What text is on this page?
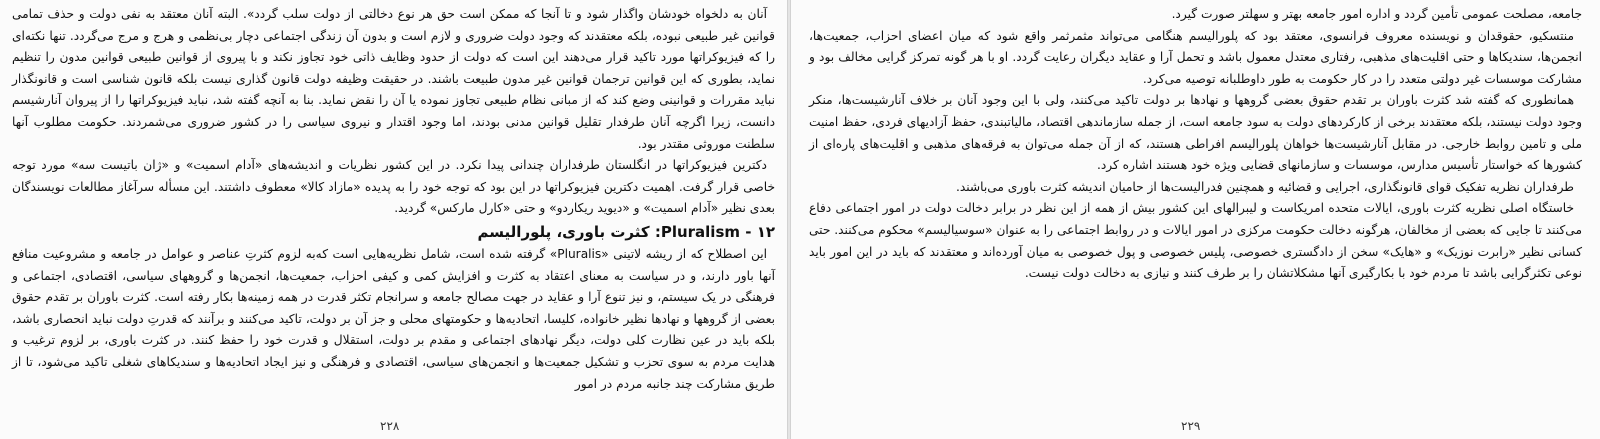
آنان به دلخواه خودشان واگذار شود و تا آنجا که ممکن است حق هر نوع دخالتی از دولت سلب گردد». البته آنان معتقد به نفی دولت و حذف تمامی قوانین غیر طبیعی نبوده، بلکه معتقدند که وجود دولت ضروری و لازم است و بدون آن زندگی اجتماعی دچار بی‌نظمی و هرج و مرج می‌گردد. تنها نکته‌ای را که فیزیوکراتها مورد تاکید قرار می‌دهند این است که دولت از حدود وظایف ذاتی خود تجاوز نکند و با پیروی از قوانین طبیعی قوانین مدون را تنظیم نماید، بطوری که این قوانین ترجمان قوانین غیر مدون طبیعت باشند. در حقیقت وظیفه دولت قانون گذاری نیست بلکه قانون شناسی است و قانونگذار نباید مقررات و قوانینی وضع کند که از مبانی نظام طبیعی تجاوز نموده یا آن را نقض نماید. بنا به آنچه گفته شد، نباید فیزیوکراتها را از پیروان آنارشیسم دانست، زیرا اگرچه آنان طرفدار تقلیل قوانین مدنی بودند، اما وجود اقتدار و نیروی سیاسی را در کشور ضروری می‌شمردند. حکومت مطلوب آنها سلطنت موروثی مقتدر بود.

دکترین فیزیوکراتها در انگلستان طرفداران چندانی پیدا نکرد. در این کشور نظریات و اندیشه‌های «آدام اسمیت» و «ژان باتیست سه» مورد توجه خاصی قرار گرفت. اهمیت دکترین فیزیوکراتها در این بود که توجه خود را به پدیده «مازاد کالا» معطوف داشتند. این مسأله سرآغاز مطالعات نویسندگان بعدی نظیر «آدام اسمیت» و «دیوید ریکاردو» و حتی «کارل مارکس» گردید.

۱۲ - Pluralism: کثرت باوری، پلورالیسم

این اصطلاح که از ریشه لاتینی «Pluralis» گرفته شده است، شامل نظریه‌هایی است که‌به لزوم کثرتِ عناصر و عوامل در جامعه و مشروعیت منافع آنها باور دارند، و در سیاست به معنای اعتقاد به کثرت و افزایش کمی و کیفی احزاب، جمعیت‌ها، انجمن‌ها و گروههای سیاسی، اقتصادی، اجتماعی و فرهنگی در یک سیستم، و نیز تنوع آرا و عقاید در جهت مصالح جامعه و سرانجام تکثر قدرت در همه زمینه‌ها بکار رفته است. کثرت باوران بر تقدم حقوق بعضی از گروهها و نهادها نظیر خانواده، کلیسا، اتحادیه‌ها و حکومتهای محلی و جز آن بر دولت، تاکید می‌کنند و برآنند که قدرتِ دولت نباید انحصاری باشد، بلکه باید در عین نظارت کلی دولت، دیگر نهادهای اجتماعی و مقدم بر دولت، استقلال و قدرت خود را حفظ کنند. در کثرت باوری، بر لزوم ترغیب و هدایت مردم به سوی تحزب و تشکیل جمعیت‌ها و انجمن‌های سیاسی، اقتصادی و فرهنگی و نیز ایجاد اتحادیه‌ها و سندیکاهای شغلی تاکید می‌شود، تا از طریق مشارکت چند جانبه مردم در امور

۲۲۸

جامعه، مصلحت عمومی تأمین گردد و اداره امور جامعه بهتر و سهلتر صورت گیرد.

منتسکیو، حقوقدان و نویسنده معروف فرانسوی، معتقد بود که پلورالیسم هنگامی می‌تواند مثمرثمر واقع شود که میان اعضای احزاب، جمعیت‌ها، انجمن‌ها، سندیکاها و حتی اقلیت‌های مذهبی، رفتاری معتدل معمول باشد و تحمل آرا و عقاید دیگران رعایت گردد. او با هر گونه تمرکز گرایی مخالف بود و مشارکت موسسات غیر دولتی متعدد را در کار حکومت به طور داوطلبانه توصیه می‌کرد.

همانطوری که گفته شد کثرت باوران بر تقدم حقوق بعضی گروهها و نهادها بر دولت تاکید می‌کنند، ولی با این وجود آنان بر خلاف آنارشیست‌ها، منکر وجود دولت نیستند، بلکه معتقدند برخی از کارکردهای دولت به سود جامعه است، از جمله سازماندهی اقتصاد، مالیاتبندی، حفظ آزادیهای فردی، حفظ امنیت ملی و تامین روابط خارجی. در مقابل آنارشیست‌ها خواهان پلورالیسم افراطی هستند، که از آن جمله می‌توان به فرقه‌های مذهبی و اقلیت‌های پاره‌ای از کشورها که خواستار تأسیس مدارس، موسسات و سازمانهای قضایی ویژه خود هستند اشاره کرد.

طرفداران نظریه تفکیک قوای قانونگذاری، اجرایی و قضائیه و همچنین فدرالیست‌ها از حامیان اندیشه کثرت باوری می‌باشند.

خاستگاه اصلی نظریه کثرت باوری، ایالات متحده امریکاست و لیبرالهای این کشور بیش از همه از این نظر در برابر دخالت دولت در امور اجتماعی دفاع می‌کنند تا جایی که بعضی از مخالفان، هرگونه دخالت حکومت مرکزی در امور ایالات و در روابط اجتماعی را به عنوان «سوسیالیسم» محکوم می‌کنند. حتی کسانی نظیر «رابرت نوزیک» و «هایک» سخن از دادگستری خصوصی، پلیس خصوصی و پول خصوصی به میان آورده‌اند و معتقدند که باید در این امور باید نوعی تکثرگرایی باشد تا مردم خود با بکارگیری آنها مشکلاتشان را بر طرف کنند و نیازی به دخالت دولت نیست.

۲۲۹
